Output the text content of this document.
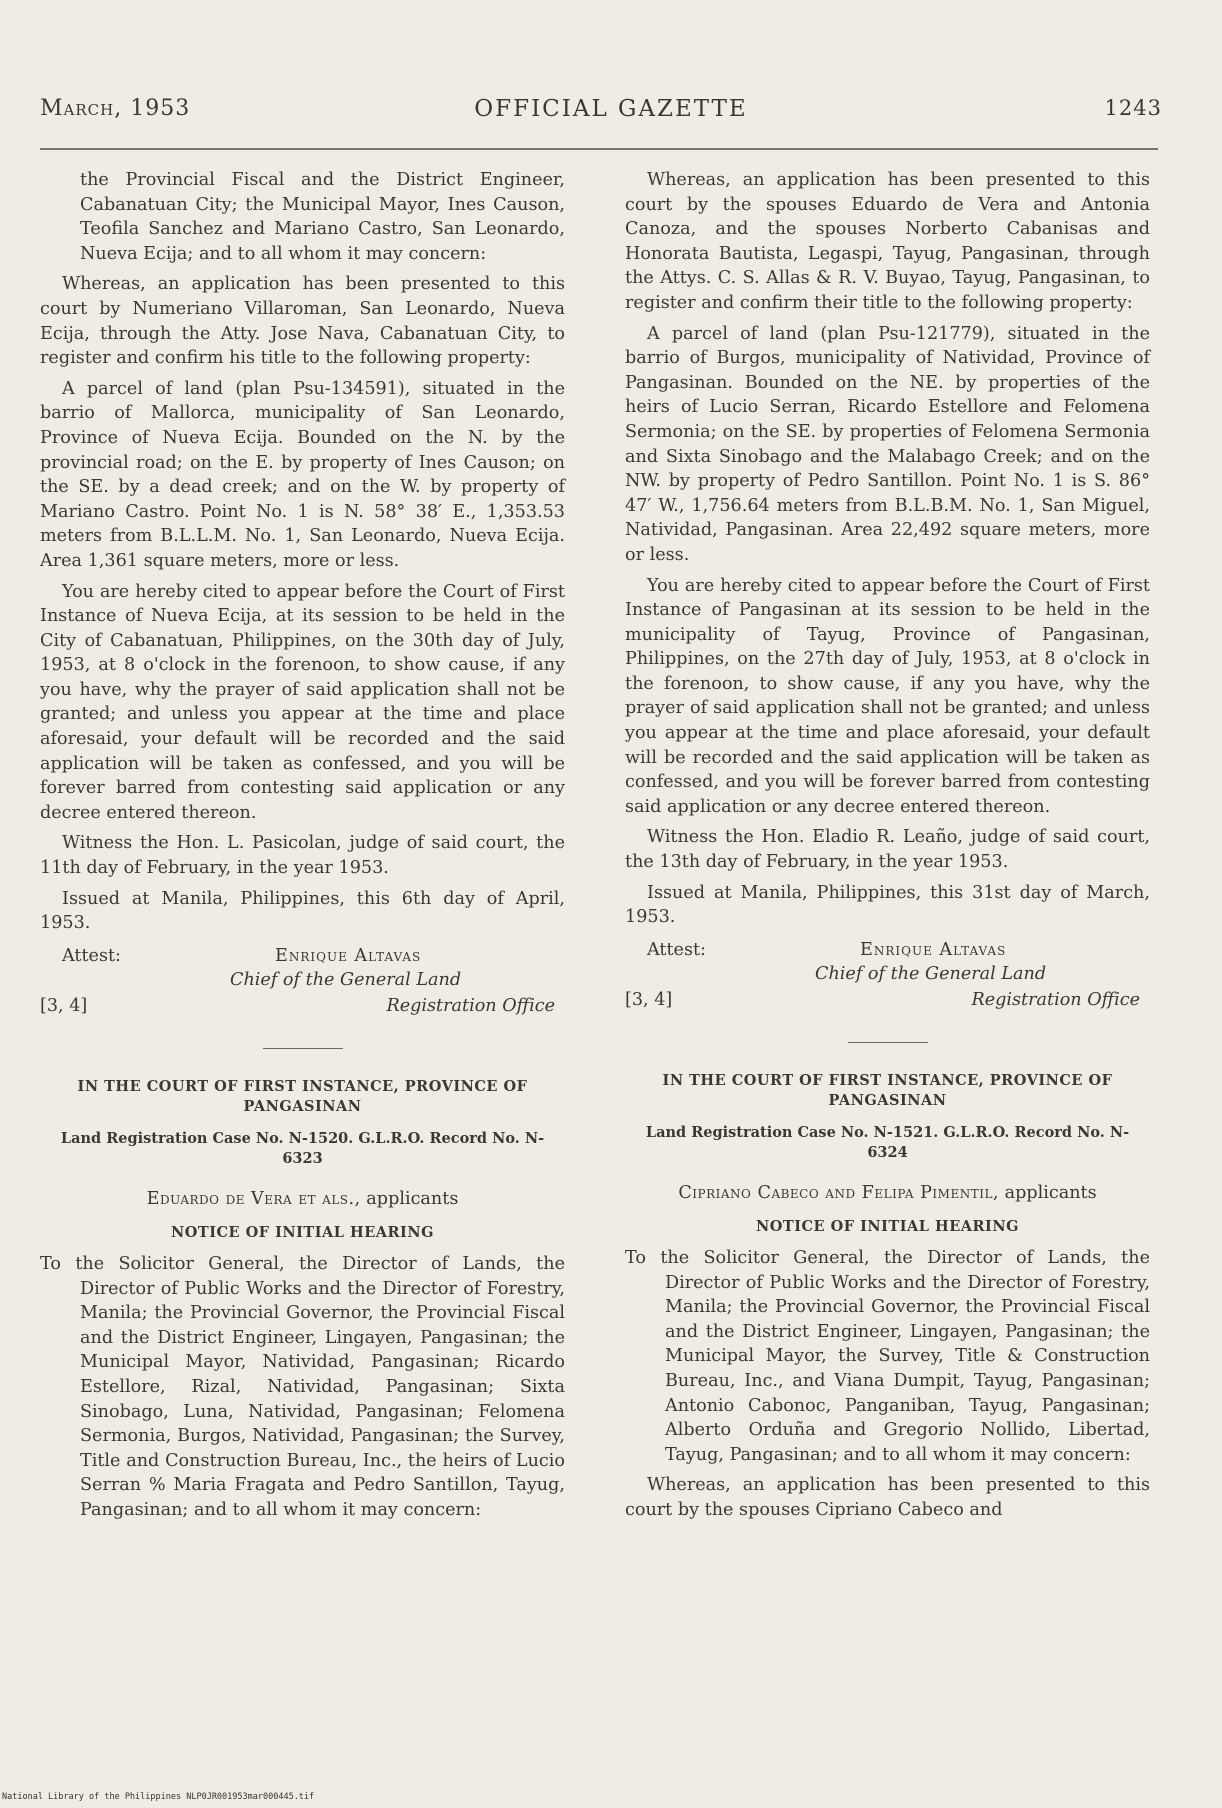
March, 1953	OFFICIAL GAZETTE	1243

the Provincial Fiscal and the District Engineer, Cabanatuan City; the Municipal Mayor, Ines Causon, Teofila Sanchez and Mariano Castro, San Leonardo, Nueva Ecija; and to all whom it may concern:

Whereas, an application has been presented to this court by Numeriano Villaroman, San Leonardo, Nueva Ecija, through the Atty. Jose Nava, Cabanatuan City, to register and confirm his title to the following property:

A parcel of land (plan Psu-134591), situated in the barrio of Mallorca, municipality of San Leonardo, Province of Nueva Ecija. Bounded on the N. by the provincial road; on the E. by property of Ines Causon; on the SE. by a dead creek; and on the W. by property of Mariano Castro. Point No. 1 is N. 58° 38′ E., 1,353.53 meters from B.L.L.M. No. 1, San Leonardo, Nueva Ecija. Area 1,361 square meters, more or less.

You are hereby cited to appear before the Court of First Instance of Nueva Ecija, at its session to be held in the City of Cabanatuan, Philippines, on the 30th day of July, 1953, at 8 o'clock in the forenoon, to show cause, if any you have, why the prayer of said application shall not be granted; and unless you appear at the time and place aforesaid, your default will be recorded and the said application will be taken as confessed, and you will be forever barred from contesting said application or any decree entered thereon.

Witness the Hon. L. Pasicolan, judge of said court, the 11th day of February, in the year 1953.

Issued at Manila, Philippines, this 6th day of April, 1953.

Attest:	Enrique Altavas
Chief of the General Land
[3, 4]	Registration Office
IN THE COURT OF FIRST INSTANCE, PROVINCE OF PANGASINAN
Land Registration Case No. N-1520. G.L.R.O. Record No. N-6323
Eduardo de Vera et als., applicants
NOTICE OF INITIAL HEARING

To the Solicitor General, the Director of Lands, the Director of Public Works and the Director of Forestry, Manila; the Provincial Governor, the Provincial Fiscal and the District Engineer, Lingayen, Pangasinan; the Municipal Mayor, Natividad, Pangasinan; Ricardo Estellore, Rizal, Natividad, Pangasinan; Sixta Sinobago, Luna, Natividad, Pangasinan; Felomena Sermonia, Burgos, Natividad, Pangasinan; the Survey, Title and Construction Bureau, Inc., the heirs of Lucio Serran % Maria Fragata and Pedro Santillon, Tayug, Pangasinan; and to all whom it may concern:

Whereas, an application has been presented to this court by the spouses Eduardo de Vera and Antonia Canoza, and the spouses Norberto Cabanisas and Honorata Bautista, Legaspi, Tayug, Pangasinan, through the Attys. C. S. Allas & R. V. Buyao, Tayug, Pangasinan, to register and confirm their title to the following property:

A parcel of land (plan Psu-121779), situated in the barrio of Burgos, municipality of Natividad, Province of Pangasinan. Bounded on the NE. by properties of the heirs of Lucio Serran, Ricardo Estellore and Felomena Sermonia; on the SE. by properties of Felomena Sermonia and Sixta Sinobago and the Malabago Creek; and on the NW. by property of Pedro Santillon. Point No. 1 is S. 86° 47′ W., 1,756.64 meters from B.L.B.M. No. 1, San Miguel, Natividad, Pangasinan. Area 22,492 square meters, more or less.

You are hereby cited to appear before the Court of First Instance of Pangasinan at its session to be held in the municipality of Tayug, Province of Pangasinan, Philippines, on the 27th day of July, 1953, at 8 o'clock in the forenoon, to show cause, if any you have, why the prayer of said application shall not be granted; and unless you appear at the time and place aforesaid, your default will be recorded and the said application will be taken as confessed, and you will be forever barred from contesting said application or any decree entered thereon.

Witness the Hon. Eladio R. Leaño, judge of said court, the 13th day of February, in the year 1953.

Issued at Manila, Philippines, this 31st day of March, 1953.

Attest:	Enrique Altavas
Chief of the General Land
[3, 4]	Registration Office
IN THE COURT OF FIRST INSTANCE, PROVINCE OF PANGASINAN
Land Registration Case No. N-1521. G.L.R.O. Record No. N-6324
Cipriano Cabeco and Felipa Pimentil, applicants
NOTICE OF INITIAL HEARING

To the Solicitor General, the Director of Lands, the Director of Public Works and the Director of Forestry, Manila; the Provincial Governor, the Provincial Fiscal and the District Engineer, Lingayen, Pangasinan; the Municipal Mayor, the Survey, Title & Construction Bureau, Inc., and Viana Dumpit, Tayug, Pangasinan; Antonio Cabonoc, Panganiban, Tayug, Pangasinan; Alberto Orduña and Gregorio Nollido, Libertad, Tayug, Pangasinan; and to all whom it may concern:

Whereas, an application has been presented to this court by the spouses Cipriano Cabeco and

National Library of the Philippines NLP0JR001953mar000445.tif
